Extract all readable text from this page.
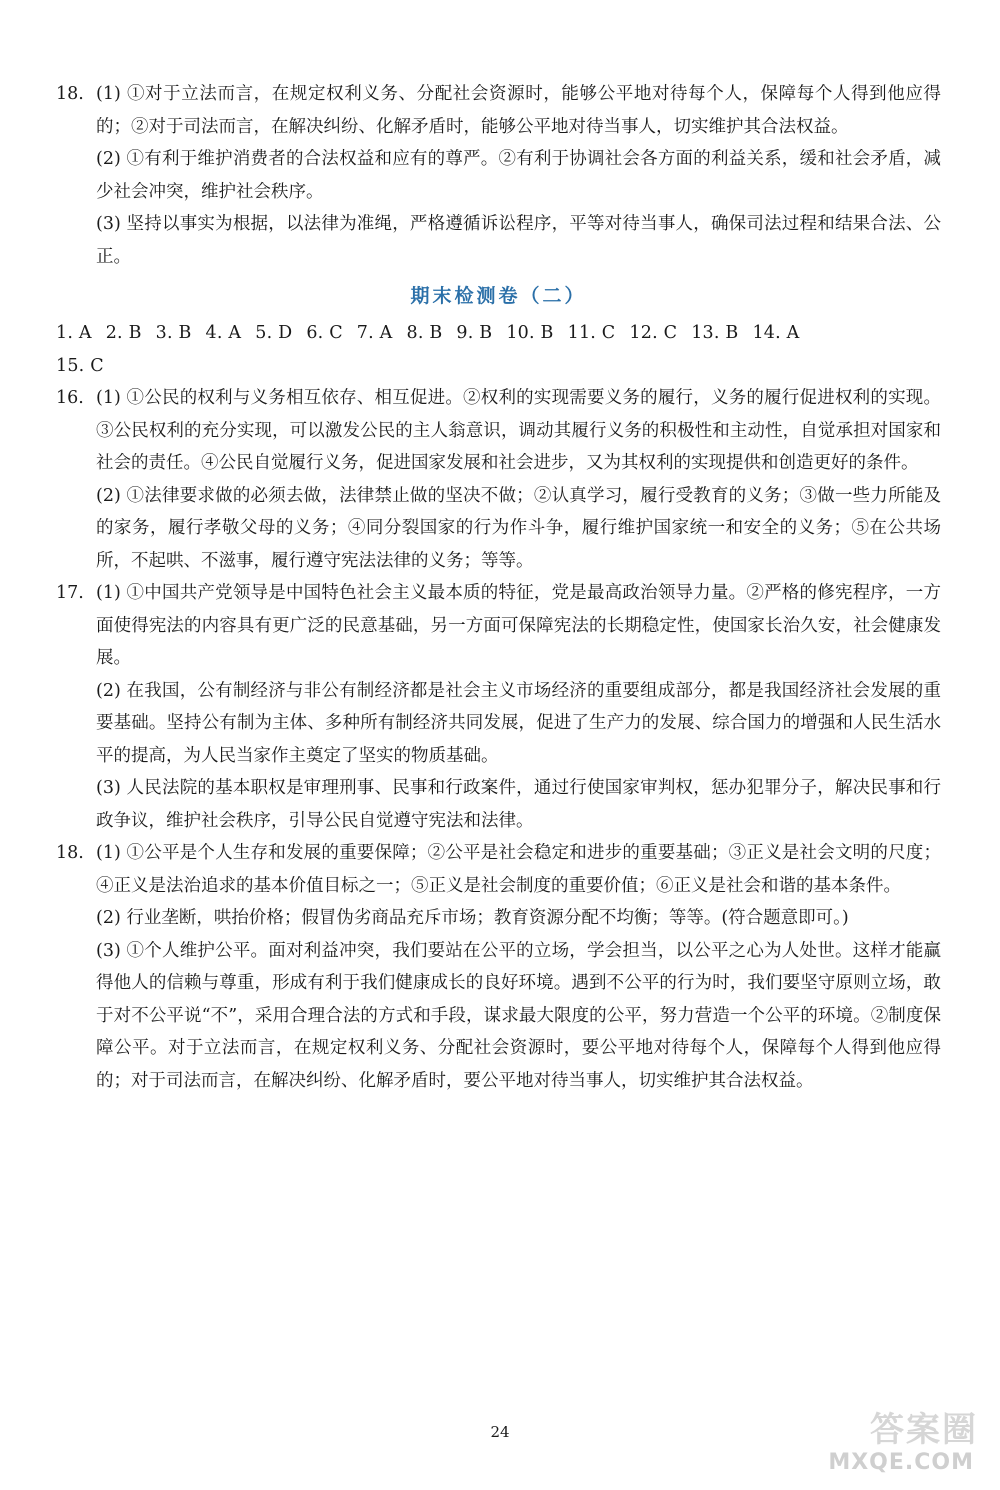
18. (1) ①对于立法而言，在规定权利义务、分配社会资源时，能够公平地对待每个人，保障每个人得到他应得的；②对于司法而言，在解决纠纷、化解矛盾时，能够公平地对待当事人，切实维护其合法权益。

(2) ①有利于维护消费者的合法权益和应有的尊严。②有利于协调社会各方面的利益关系，缓和社会矛盾，减少社会冲突，维护社会秩序。

(3) 坚持以事实为根据，以法律为准绳，严格遵循诉讼程序，平等对待当事人，确保司法过程和结果合法、公正。

期末检测卷（二）
1. A 2. B 3. B 4. A 5. D 6. C 7. A 8. B 9. B 10. B 11. C 12. C 13. B 14. A
15. C
16. (1) ①公民的权利与义务相互依存、相互促进。②权利的实现需要义务的履行，义务的履行促进权利的实现。③公民权利的充分实现，可以激发公民的主人翁意识，调动其履行义务的积极性和主动性，自觉承担对国家和社会的责任。④公民自觉履行义务，促进国家发展和社会进步，又为其权利的实现提供和创造更好的条件。

(2) ①法律要求做的必须去做，法律禁止做的坚决不做；②认真学习，履行受教育的义务；③做一些力所能及的家务，履行孝敬父母的义务；④同分裂国家的行为作斗争，履行维护国家统一和安全的义务；⑤在公共场所，不起哄、不滋事，履行遵守宪法法律的义务；等等。

17. (1) ①中国共产党领导是中国特色社会主义最本质的特征，党是最高政治领导力量。②严格的修宪程序，一方面使得宪法的内容具有更广泛的民意基础，另一方面可保障宪法的长期稳定性，使国家长治久安，社会健康发展。

(2) 在我国，公有制经济与非公有制经济都是社会主义市场经济的重要组成部分，都是我国经济社会发展的重要基础。坚持公有制为主体、多种所有制经济共同发展，促进了生产力的发展、综合国力的增强和人民生活水平的提高，为人民当家作主奠定了坚实的物质基础。

(3) 人民法院的基本职权是审理刑事、民事和行政案件，通过行使国家审判权，惩办犯罪分子，解决民事和行政争议，维护社会秩序，引导公民自觉遵守宪法和法律。

18. (1) ①公平是个人生存和发展的重要保障；②公平是社会稳定和进步的重要基础；③正义是社会文明的尺度；④正义是法治追求的基本价值目标之一；⑤正义是社会制度的重要价值；⑥正义是社会和谐的基本条件。

(2) 行业垄断，哄抬价格；假冒伪劣商品充斥市场；教育资源分配不均衡；等等。(符合题意即可。)

(3) ①个人维护公平。面对利益冲突，我们要站在公平的立场，学会担当，以公平之心为人处世。这样才能赢得他人的信赖与尊重，形成有利于我们健康成长的良好环境。遇到不公平的行为时，我们要坚守原则立场，敢于对不公平说“不”，采用合理合法的方式和手段，谋求最大限度的公平，努力营造一个公平的环境。②制度保障公平。对于立法而言，在规定权利义务、分配社会资源时，要公平地对待每个人，保障每个人得到他应得的；对于司法而言，在解决纠纷、化解矛盾时，要公平地对待当事人，切实维护其合法权益。

24	答案圈
MXQE.COM
